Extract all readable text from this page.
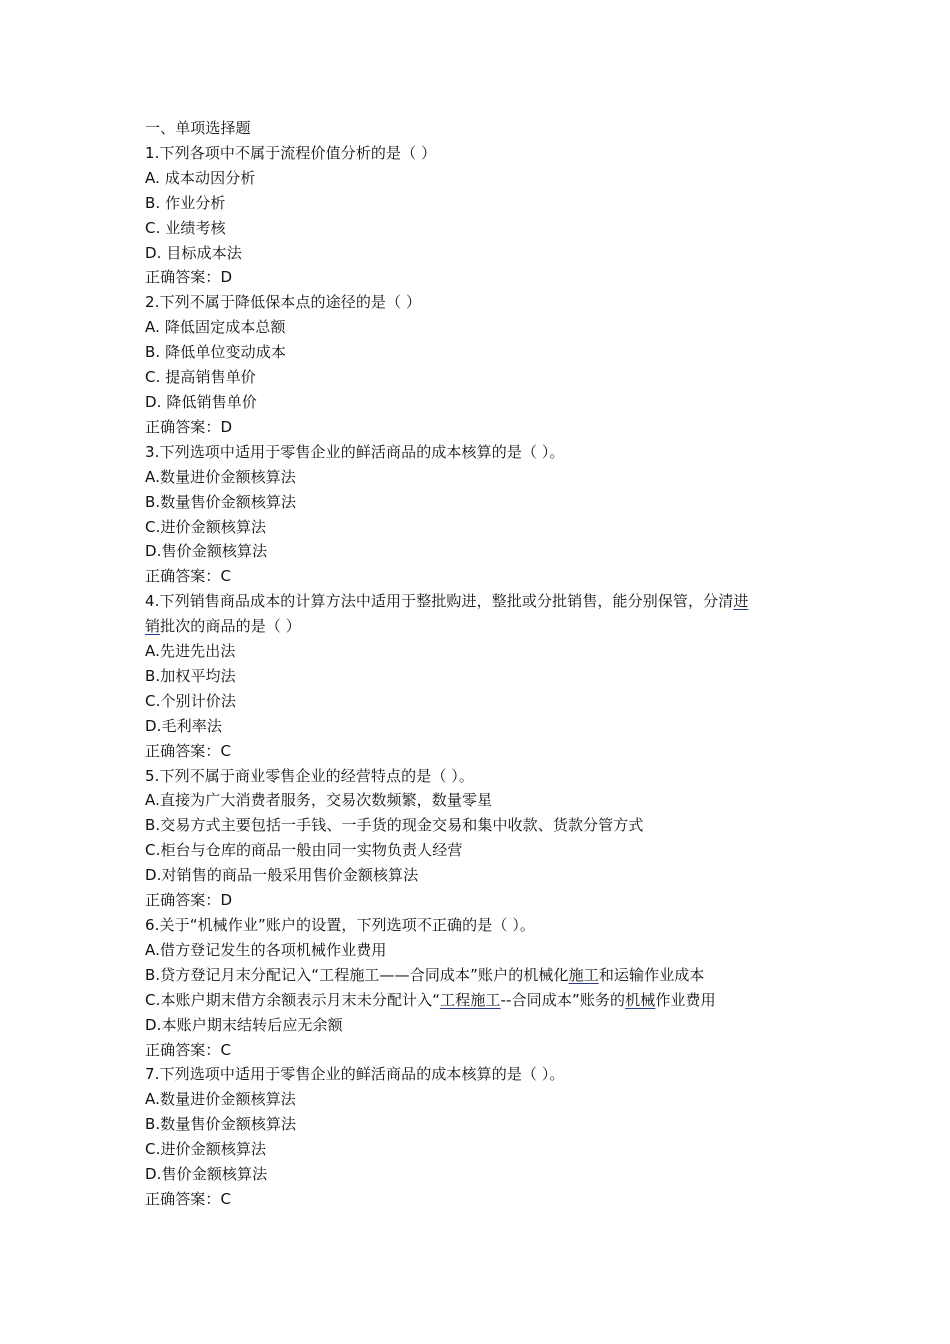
一、单项选择题
1.下列各项中不属于流程价值分析的是（ ）
A. 成本动因分析
B. 作业分析
C. 业绩考核
D. 目标成本法
正确答案：D
2.下列不属于降低保本点的途径的是（ ）
A. 降低固定成本总额
B. 降低单位变动成本
C. 提高销售单价
D. 降低销售单价
正确答案：D
3.下列选项中适用于零售企业的鲜活商品的成本核算的是（ ）。
A.数量进价金额核算法
B.数量售价金额核算法
C.进价金额核算法
D.售价金额核算法
正确答案：C
4.下列销售商品成本的计算方法中适用于整批购进，整批或分批销售，能分别保管，分清进
销批次的商品的是（ ）
A.先进先出法
B.加权平均法
C.个别计价法
D.毛利率法
正确答案：C
5.下列不属于商业零售企业的经营特点的是（ ）。
A.直接为广大消费者服务，交易次数频繁，数量零星
B.交易方式主要包括一手钱、一手货的现金交易和集中收款、货款分管方式
C.柜台与仓库的商品一般由同一实物负责人经营
D.对销售的商品一般采用售价金额核算法
正确答案：D
6.关于“机械作业”账户的设置，下列选项不正确的是（ ）。
A.借方登记发生的各项机械作业费用
B.贷方登记月末分配记入“工程施工——合同成本”账户的机械化施工和运输作业成本
C.本账户期末借方余额表示月末未分配计入“工程施工--合同成本”账务的机械作业费用
D.本账户期末结转后应无余额
正确答案：C
7.下列选项中适用于零售企业的鲜活商品的成本核算的是（ ）。
A.数量进价金额核算法
B.数量售价金额核算法
C.进价金额核算法
D.售价金额核算法
正确答案：C
